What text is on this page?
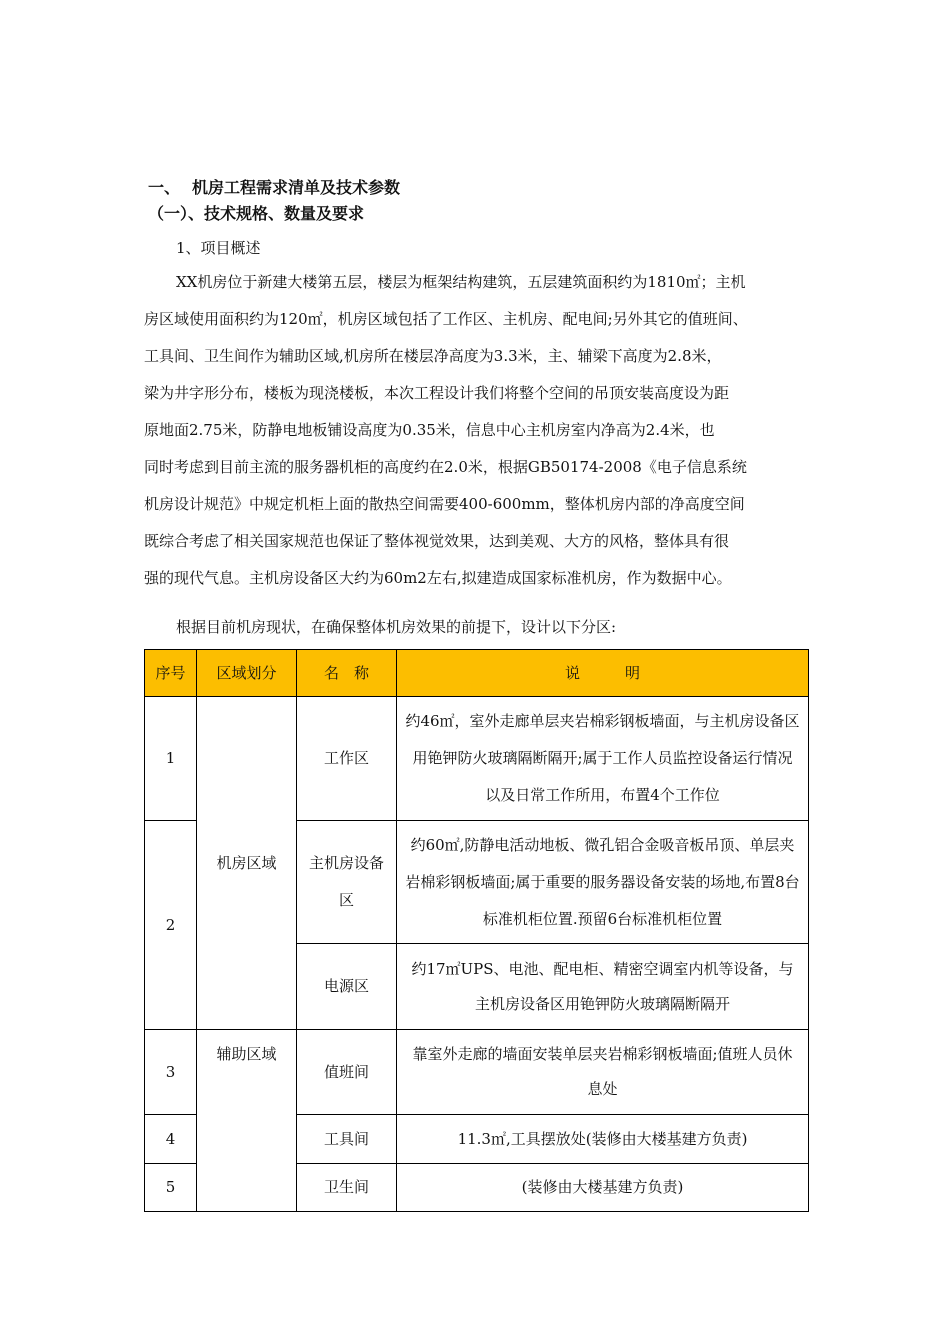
一、 机房工程需求清单及技术参数
（一）、技术规格、数量及要求
1、项目概述
XX机房位于新建大楼第五层，楼层为框架结构建筑，五层建筑面积约为1810㎡；主机
房区域使用面积约为120㎡，机房区域包括了工作区、主机房、配电间;另外其它的值班间、
工具间、卫生间作为辅助区域,机房所在楼层净高度为3.3米，主、辅梁下高度为2.8米，
梁为井字形分布，楼板为现浇楼板，本次工程设计我们将整个空间的吊顶安装高度设为距
原地面2.75米，防静电地板铺设高度为0.35米，信息中心主机房室内净高为2.4米，也
同时考虑到目前主流的服务器机柜的高度约在2.0米，根据GB50174-2008《电子信息系统
机房设计规范》中规定机柜上面的散热空间需要400-600mm，整体机房内部的净高度空间
既综合考虑了相关国家规范也保证了整体视觉效果，达到美观、大方的风格，整体具有很
强的现代气息。主机房设备区大约为60m2左右,拟建造成国家标准机房，作为数据中心。
根据目前机房现状，在确保整体机房效果的前提下，设计以下分区:
序号	区域划分	名　称	说　　　明
1	机房区域	工作区	约46㎡，室外走廊单层夹岩棉彩钢板墙面，与主机房设备区用铯钾防火玻璃隔断隔开;属于工作人员监控设备运行情况以及日常工作所用，布置4个工作位
2		主机房设备区	约60㎡,防静电活动地板、微孔铝合金吸音板吊顶、单层夹岩棉彩钢板墙面;属于重要的服务器设备安装的场地,布置8台标准机柜位置.预留6台标准机柜位置
		电源区	约17㎡UPS、电池、配电柜、精密空调室内机等设备，与主机房设备区用铯钾防火玻璃隔断隔开
3	辅助区域	值班间	靠室外走廊的墙面安装单层夹岩棉彩钢板墙面;值班人员休息处
4		工具间	11.3㎡,工具摆放处(装修由大楼基建方负责)
5		卫生间	(装修由大楼基建方负责)
